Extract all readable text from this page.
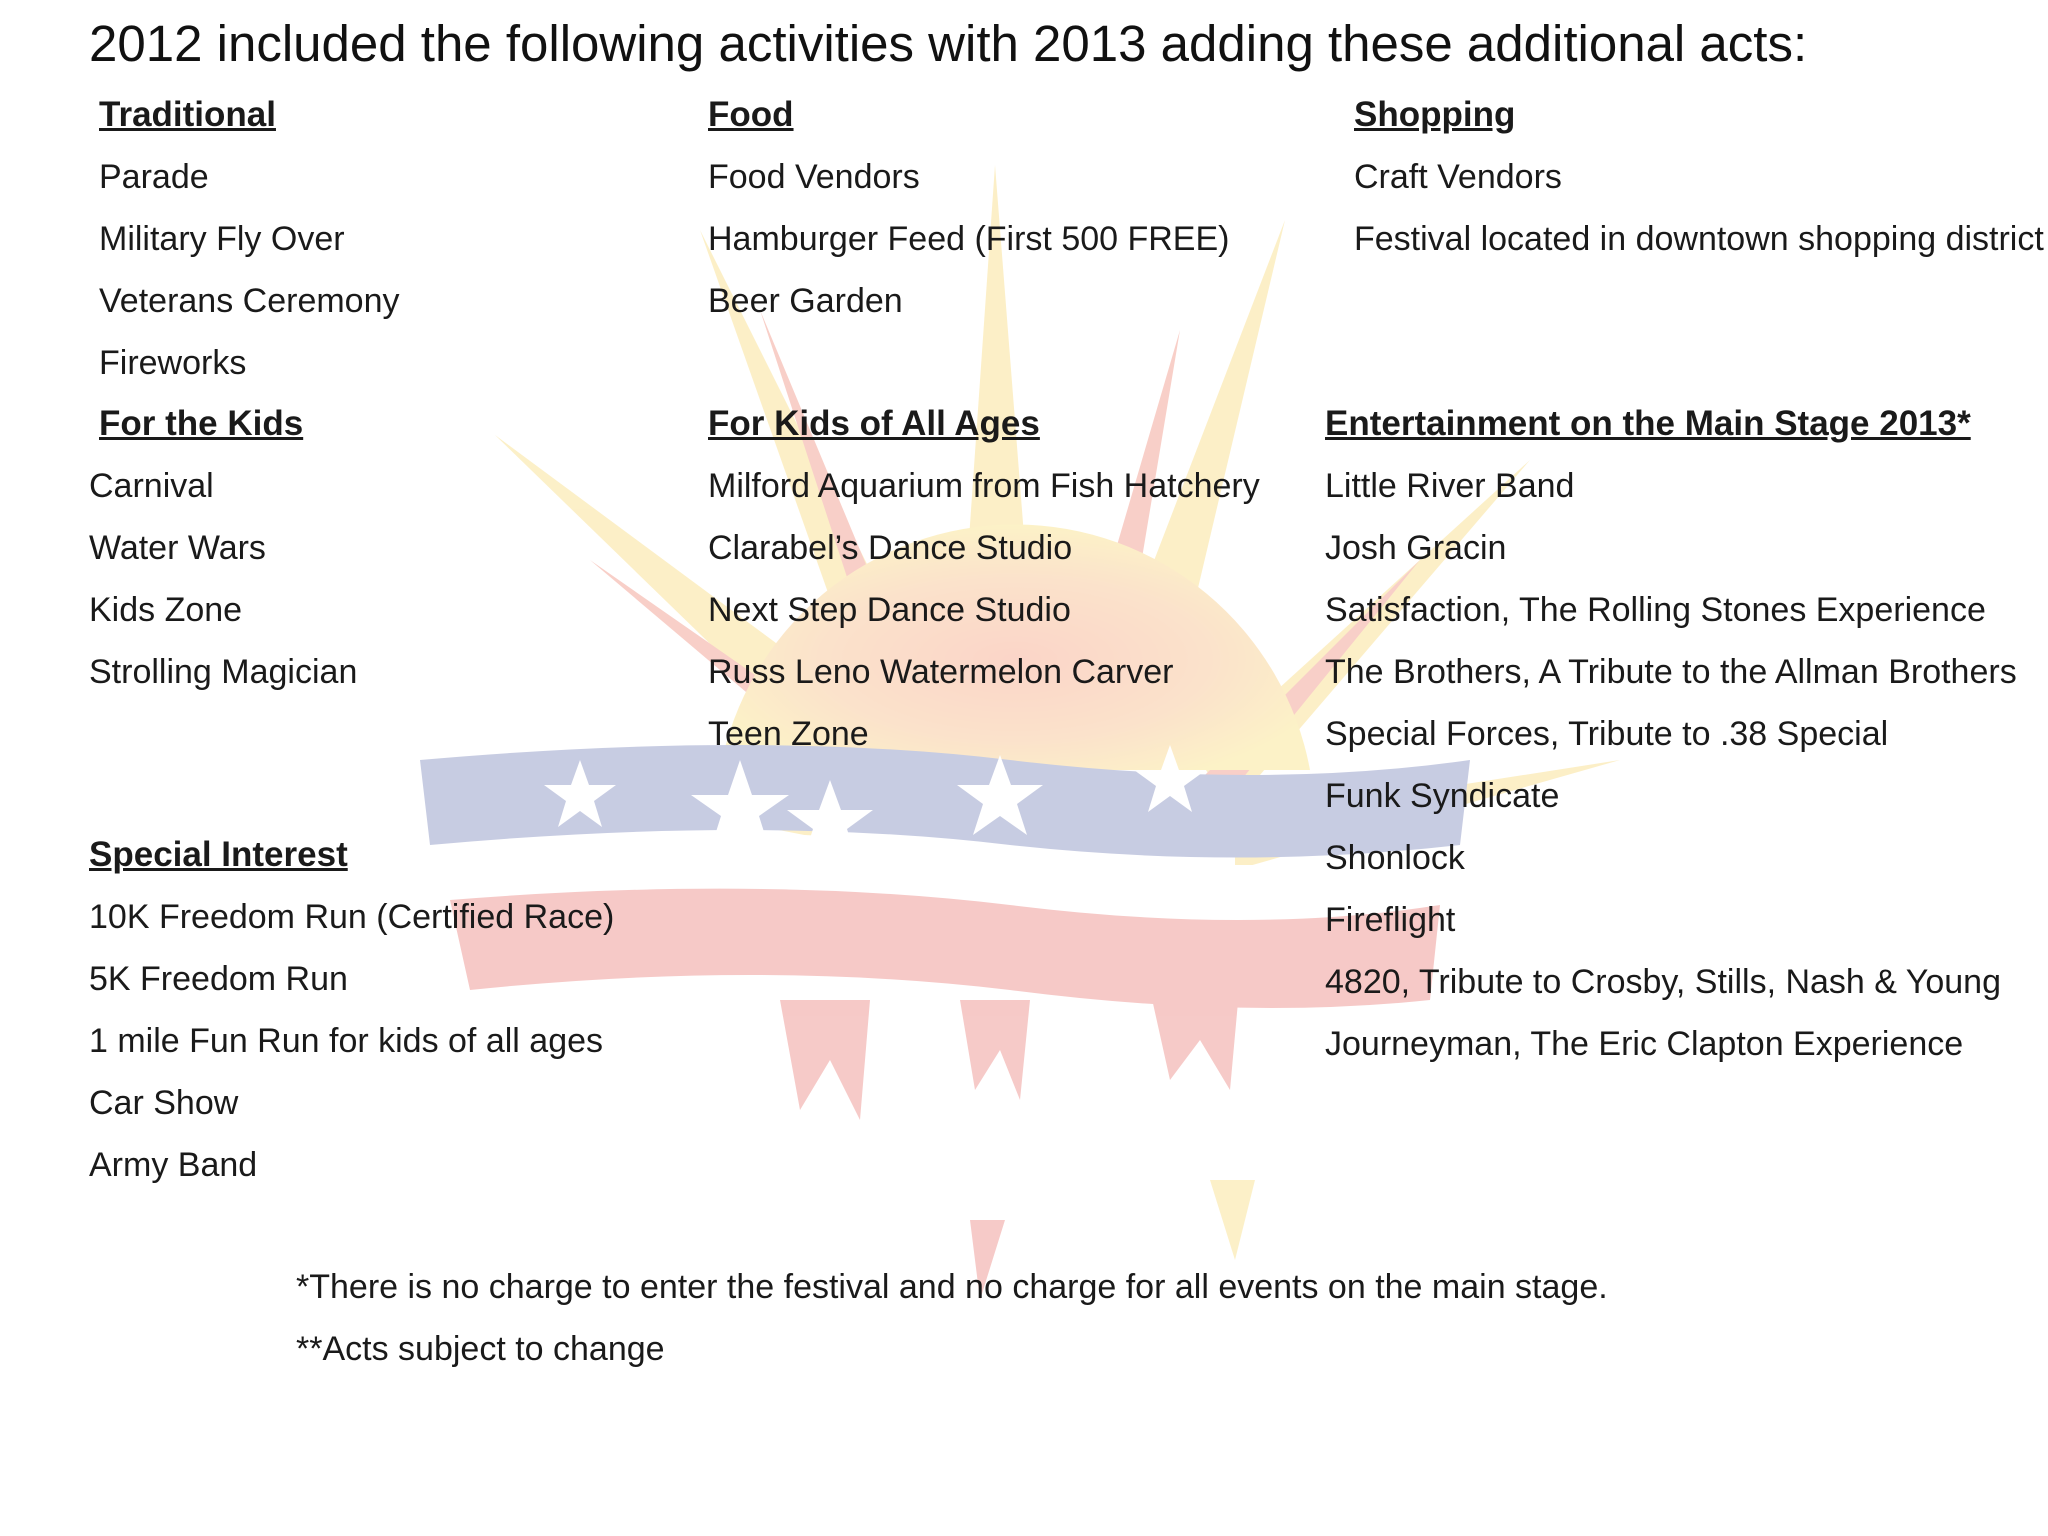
2012 included the following activities with 2013 adding these additional acts:
Traditional
Parade
Military Fly Over
Veterans Ceremony
Fireworks
Food
Food Vendors
Hamburger Feed (First 500 FREE)
Beer Garden
Shopping
Craft Vendors
Festival located in downtown shopping district
For the Kids
Carnival
Water Wars
Kids Zone
Strolling Magician
For Kids of All Ages
Milford Aquarium from Fish Hatchery
Clarabel’s Dance Studio
Next Step Dance Studio
Russ Leno Watermelon Carver
Teen Zone
Entertainment on the Main Stage 2013*
Little River Band
Josh Gracin
Satisfaction, The Rolling Stones Experience
The Brothers, A Tribute to the Allman Brothers
Special Forces, Tribute to .38 Special
Funk Syndicate
Shonlock
Fireflight
4820, Tribute to Crosby, Stills, Nash & Young
Journeyman, The Eric Clapton Experience
Special Interest
10K Freedom Run (Certified Race)
5K Freedom Run
1 mile Fun Run for kids of all ages
Car Show
Army Band
*There is no charge to enter the festival and no charge for all events on the main stage.
**Acts subject to change
